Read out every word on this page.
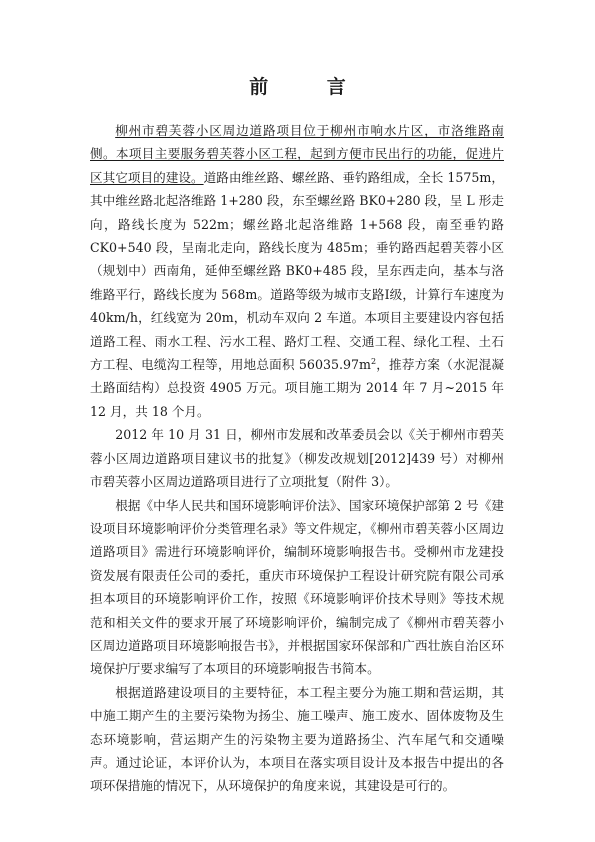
前 言

柳州市碧芙蓉小区周边道路项目位于柳州市响水片区，市洛维路南侧。本项目主要服务碧芙蓉小区工程，起到方便市民出行的功能，促进片区其它项目的建设。道路由维丝路、螺丝路、垂钓路组成，全长 1575m，其中维丝路北起洛维路 1+280 段，东至螺丝路 BK0+280 段，呈 L 形走向，路线长度为 522m；螺丝路北起洛维路 1+568 段，南至垂钓路 CK0+540 段，呈南北走向，路线长度为 485m；垂钓路西起碧芙蓉小区（规划中）西南角，延伸至螺丝路 BK0+485 段，呈东西走向，基本与洛维路平行，路线长度为 568m。道路等级为城市支路Ⅰ级，计算行车速度为 40km/h，红线宽为 20m，机动车双向 2 车道。本项目主要建设内容包括道路工程、雨水工程、污水工程、路灯工程、交通工程、绿化工程、土石方工程、电缆沟工程等，用地总面积 $56035.97m^2$，推荐方案（水泥混凝土路面结构）总投资 4905 万元。项目施工期为 2014 年 7 月~2015 年 12 月，共 18 个月。

2012 年 10 月 31 日，柳州市发展和改革委员会以《关于柳州市碧芙蓉小区周边道路项目建议书的批复》（柳发改规划[2012]439 号）对柳州市碧芙蓉小区周边道路项目进行了立项批复（附件 3）。

根据《中华人民共和国环境影响评价法》、国家环境保护部第 2 号《建设项目环境影响评价分类管理名录》等文件规定，《柳州市碧芙蓉小区周边道路项目》需进行环境影响评价，编制环境影响报告书。受柳州市龙建投资发展有限责任公司的委托，重庆市环境保护工程设计研究院有限公司承担本项目的环境影响评价工作，按照《环境影响评价技术导则》等技术规范和相关文件的要求开展了环境影响评价，编制完成了《柳州市碧芙蓉小区周边道路项目环境影响报告书》，并根据国家环保部和广西壮族自治区环境保护厅要求编写了本项目的环境影响报告书简本。

根据道路建设项目的主要特征，本工程主要分为施工期和营运期，其中施工期产生的主要污染物为扬尘、施工噪声、施工废水、固体废物及生态环境影响，营运期产生的污染物主要为道路扬尘、汽车尾气和交通噪声。通过论证，本评价认为，本项目在落实项目设计及本报告中提出的各项环保措施的情况下，从环境保护的角度来说，其建设是可行的。
